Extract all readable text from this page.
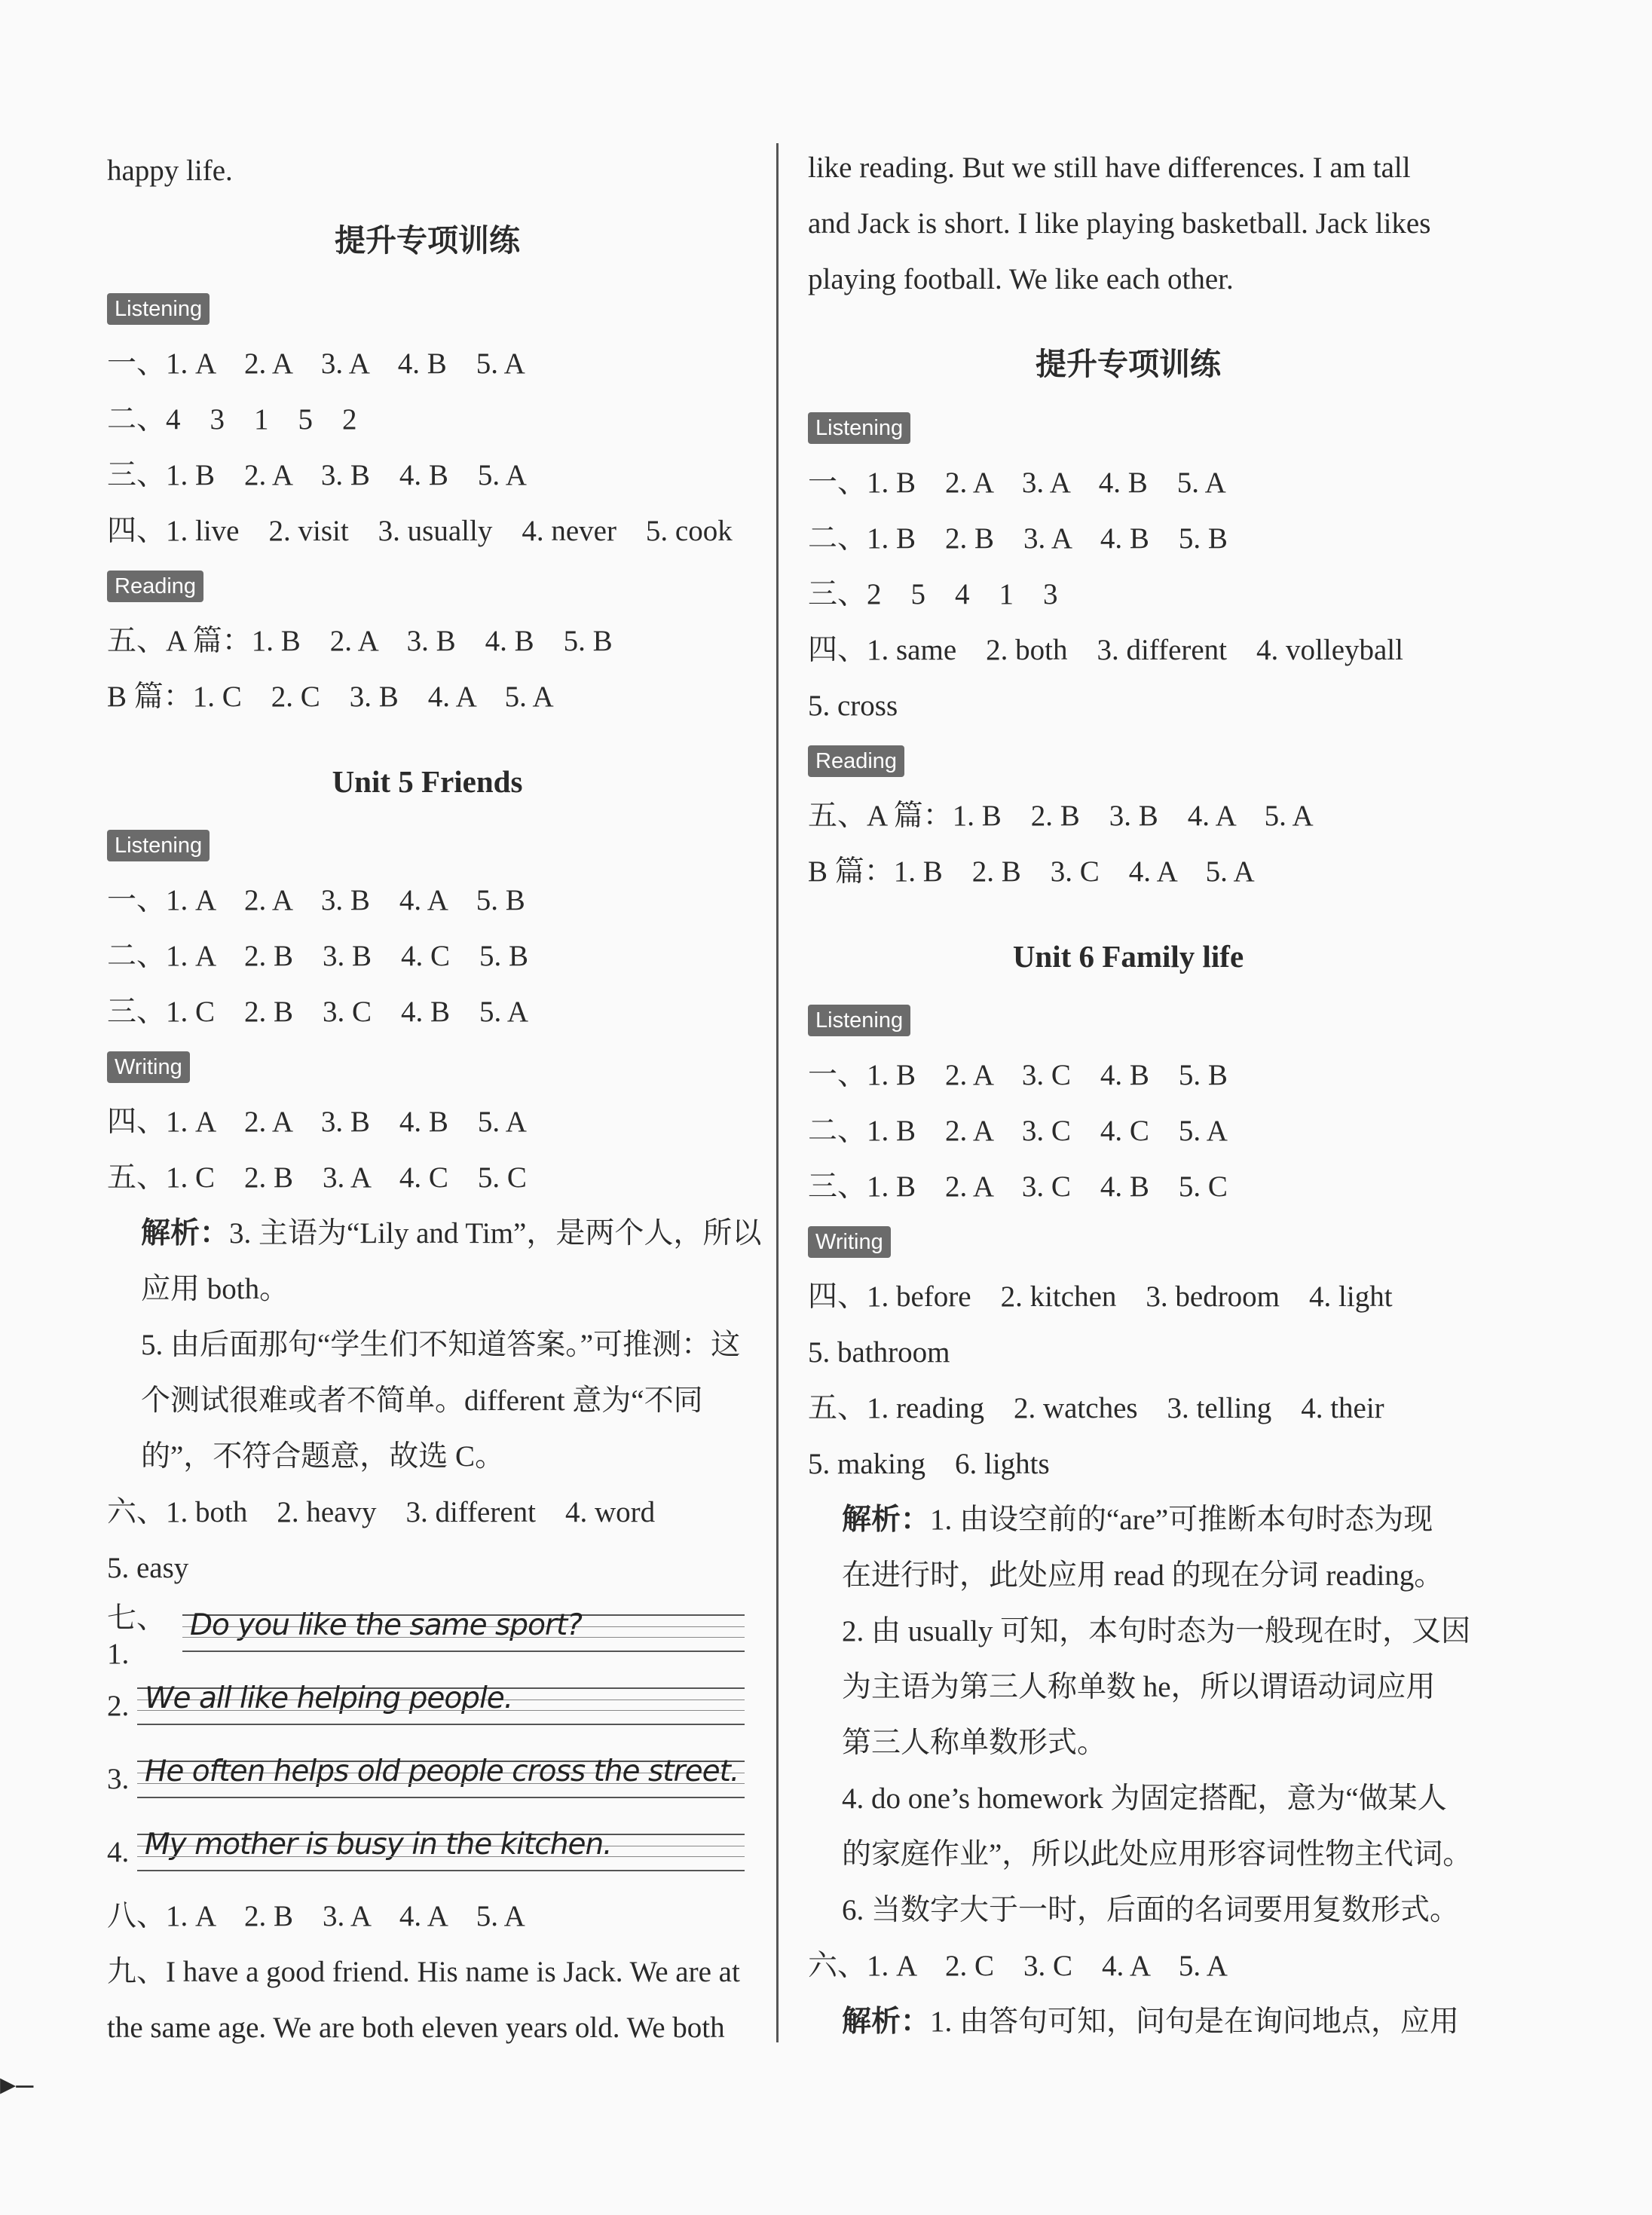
happy life.

提升专项训练
Listening

一、1. A    2. A    3. A    4. B    5. A

二、4    3    1    5    2

三、1. B    2. A    3. B    4. B    5. A

四、1. live    2. visit    3. usually    4. never    5. cook

Reading

五、A 篇：1. B    2. A    3. B    4. B    5. B

B 篇：1. C    2. C    3. B    4. A    5. A

Unit 5 Friends
Listening

一、1. A    2. A    3. B    4. A    5. B

二、1. A    2. B    3. B    4. C    5. B

三、1. C    2. B    3. C    4. B    5. A

Writing

四、1. A    2. A    3. B    4. B    5. A

五、1. C    2. B    3. A    4. C    5. C

解析：3. 主语为“Lily and Tim”，是两个人，所以

应用 both。

5. 由后面那句“学生们不知道答案。”可推测：这

个测试很难或者不简单。different 意为“不同

的”，不符合题意，故选 C。

六、1. both    2. heavy    3. different    4. word

5. easy

七、1.
Do you like the same sport?
2. We all like helping people.
3. He often helps old people cross the street.
4. My mother is busy in the kitchen.

八、1. A    2. B    3. A    4. A    5. A

九、I have a good friend. His name is Jack. We are at

the same age. We are both eleven years old. We both

like reading. But we still have differences. I am tall

and Jack is short. I like playing basketball. Jack likes

playing football. We like each other.

提升专项训练
Listening

一、1. B    2. A    3. A    4. B    5. A

二、1. B    2. B    3. A    4. B    5. B

三、2    5    4    1    3

四、1. same    2. both    3. different    4. volleyball

5. cross

Reading

五、A 篇：1. B    2. B    3. B    4. A    5. A

B 篇：1. B    2. B    3. C    4. A    5. A

Unit 6 Family life
Listening

一、1. B    2. A    3. C    4. B    5. B

二、1. B    2. A    3. C    4. C    5. A

三、1. B    2. A    3. C    4. B    5. C

Writing

四、1. before    2. kitchen    3. bedroom    4. light

5. bathroom

五、1. reading    2. watches    3. telling    4. their

5. making    6. lights

解析：1. 由设空前的“are”可推断本句时态为现

在进行时，此处应用 read 的现在分词 reading。

2. 由 usually 可知，本句时态为一般现在时，又因

为主语为第三人称单数 he，所以谓语动词应用

第三人称单数形式。

4. do one’s homework 为固定搭配，意为“做某人

的家庭作业”，所以此处应用形容词性物主代词。

6. 当数字大于一时，后面的名词要用复数形式。

六、1. A    2. C    3. C    4. A    5. A

解析：1. 由答句可知，问句是在询问地点，应用

▸–
